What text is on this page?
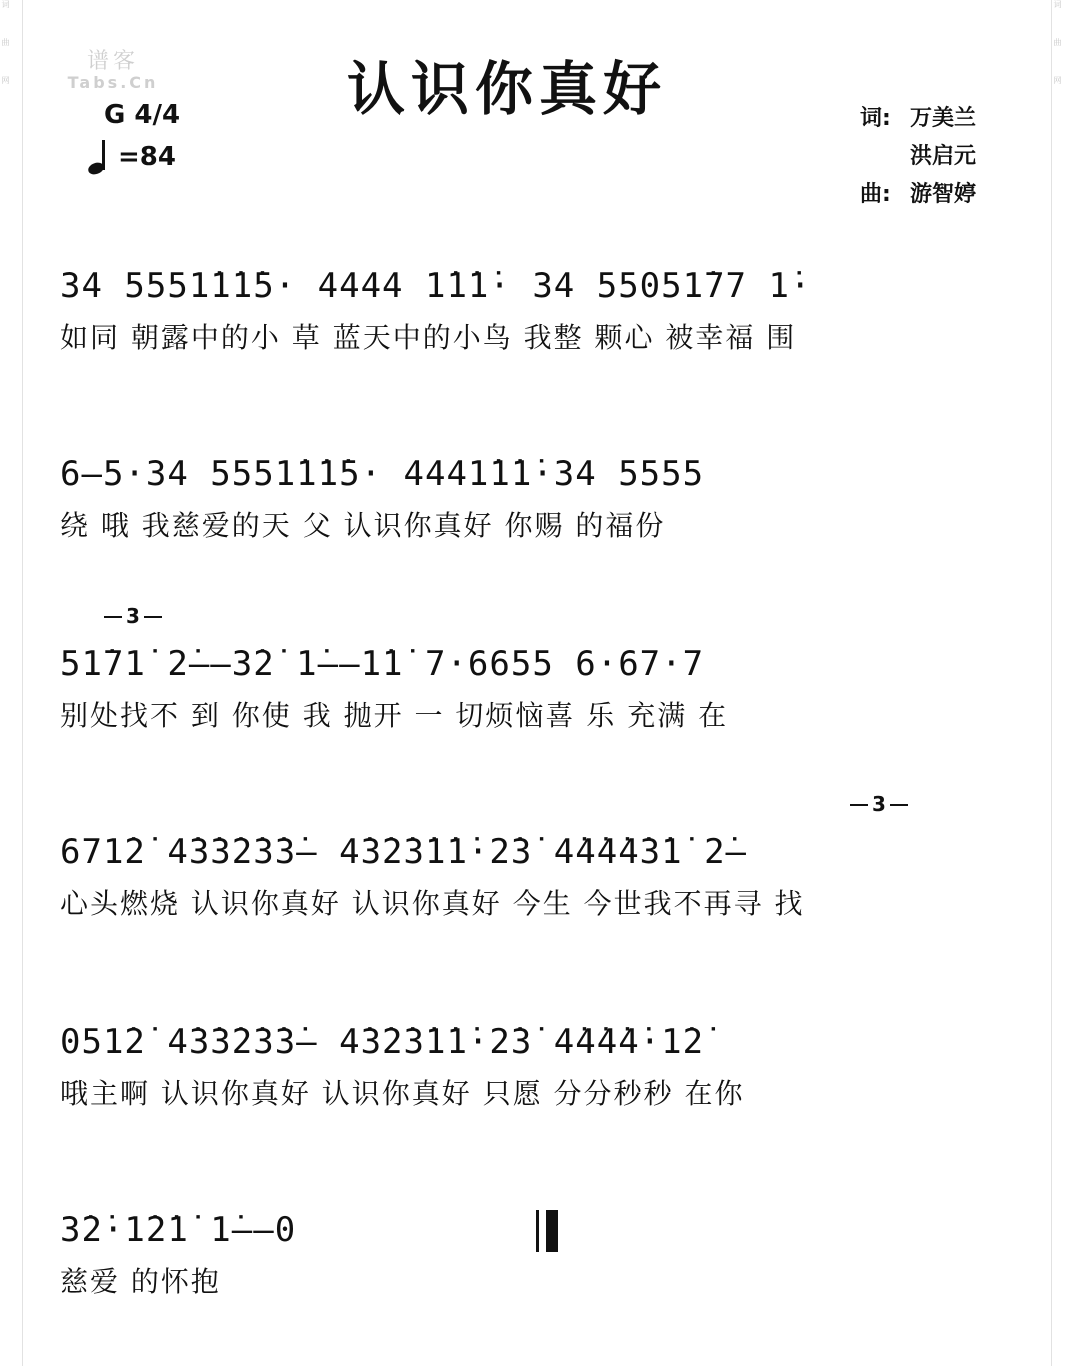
词
曲
网
词
曲
网
谱客
Tabs.Cn	认识你真好
G 4/4
=84
词: 万美兰
洪启元
曲: 游智婷
34 5551̇1̇1̇5· 4444 1̇1̇1̇· 34 55051̇77 1̇·
如同 朝露中的小 草 蓝天中的小鸟 我整 颗心 被幸福 围
6—5·34 5551̇1̇1̇5· 4441̇1̇1̇·34 5555
绕 哦 我慈爱的天 父 认识你真好 你赐 的福份
3
51̇71̇ 2̇——3̇2̇ 1̇——1̇1̇ 7·6655 6·67·7
别处找不 到 你使 我 抛开 一 切烦恼喜 乐 充满 在
3
671̇2̇ 4̇3̇3̇2̇3̇3̇— 4̇3̇2̇3̇1̇1̇·2̇3̇ 4̇4̇4̇4̇3̇1̇ 2̇—
心头燃烧 认识你真好 认识你真好 今生 今世我不再寻 找
051̇2̇ 4̇3̇3̇2̇3̇3̇— 4̇3̇2̇3̇1̇1̇·2̇3̇ 4̇4̇4̇4̇·1̇2̇
哦主啊 认识你真好 认识你真好 只愿 分分秒秒 在你
3̇2̇·1̇2̇1̇ 1̇——0
慈爱 的怀抱
